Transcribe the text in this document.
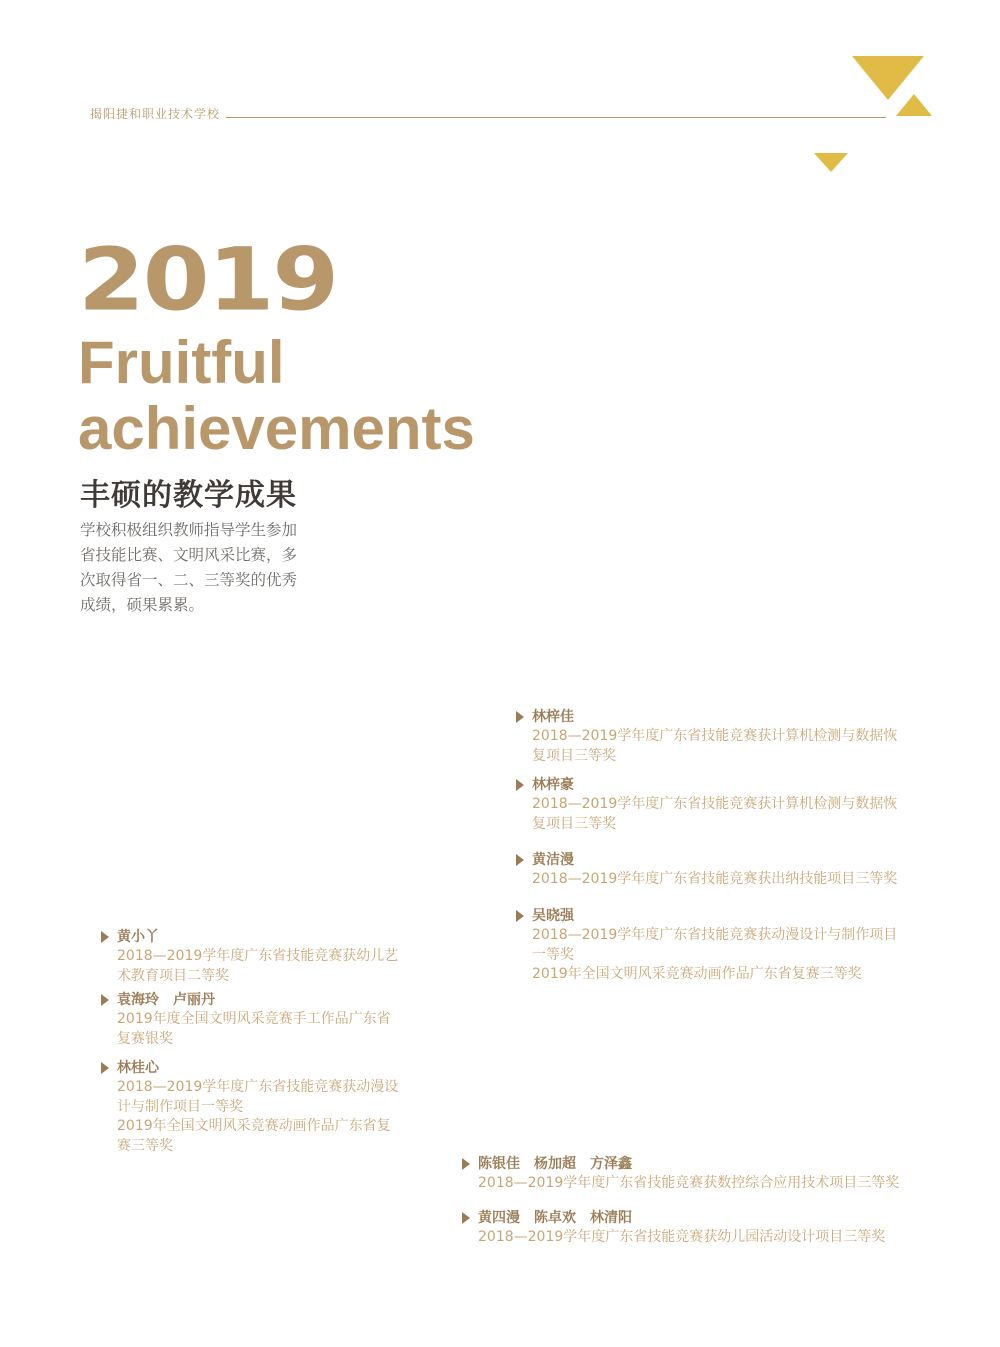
揭阳捷和职业技术学校
2019
Fruitful
achievements
丰硕的教学成果
学校积极组织教师指导学生参加省技能比赛、文明风采比赛，多次取得省一、二、三等奖的优秀成绩，硕果累累。
林梓佳
2018—2019学年度广东省技能竞赛获计算机检测与数据恢
复项目三等奖
林梓豪
2018—2019学年度广东省技能竞赛获计算机检测与数据恢
复项目三等奖
黄洁漫
2018—2019学年度广东省技能竞赛获出纳技能项目三等奖
吴晓强
2018—2019学年度广东省技能竞赛获动漫设计与制作项目
一等奖
2019年全国文明风采竞赛动画作品广东省复赛三等奖
黄小丫
2018—2019学年度广东省技能竞赛获幼儿艺
术教育项目二等奖
袁海玲　卢丽丹
2019年度全国文明风采竞赛手工作品广东省
复赛银奖
林桂心
2018—2019学年度广东省技能竞赛获动漫设
计与制作项目一等奖
2019年全国文明风采竞赛动画作品广东省复
赛三等奖
陈银佳　杨加超　方泽鑫
2018—2019学年度广东省技能竞赛获数控综合应用技术项目三等奖
黄四漫　陈卓欢　林清阳
2018—2019学年度广东省技能竞赛获幼儿园活动设计项目三等奖
